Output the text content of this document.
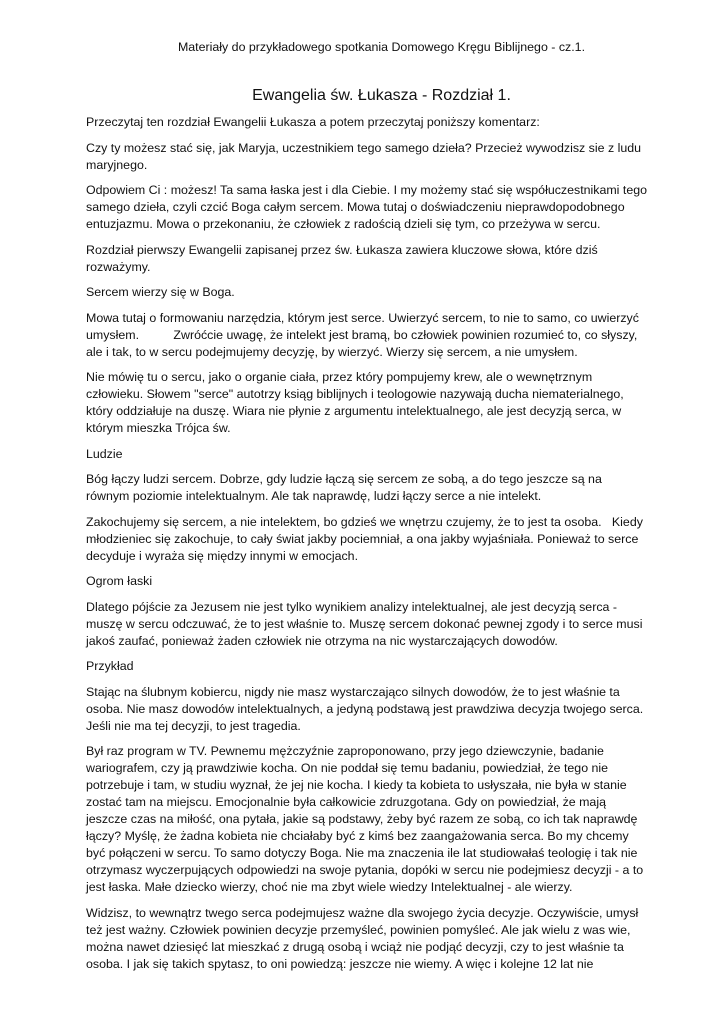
Materiały do przykładowego spotkania Domowego Kręgu Biblijnego - cz.1.
Ewangelia św. Łukasza - Rozdział 1.

Przeczytaj ten rozdział Ewangelii Łukasza a potem przeczytaj poniższy komentarz:

Czy ty możesz stać się, jak Maryja, uczestnikiem tego samego dzieła? Przecież wywodzisz sie z ludu maryjnego.

Odpowiem Ci : możesz! Ta sama łaska jest i dla Ciebie. I my możemy stać się współuczestnikami tego samego dzieła, czyli czcić Boga całym sercem. Mowa tutaj o doświadczeniu nieprawdopodobnego entuzjazmu. Mowa o przekonaniu, że człowiek z radością dzieli się tym, co przeżywa w sercu.

Rozdział pierwszy Ewangelii zapisanej przez św. Łukasza zawiera kluczowe słowa, które dziś rozważymy.

Sercem wierzy się w Boga.

Mowa tutaj o formowaniu narzędzia, którym jest serce. Uwierzyć sercem, to nie to samo, co uwierzyć umysłem.          Zwróćcie uwagę, że intelekt jest bramą, bo człowiek powinien rozumieć to, co słyszy, ale i tak, to w sercu podejmujemy decyzję, by wierzyć. Wierzy się sercem, a nie umysłem.

Nie mówię tu o sercu, jako o organie ciała, przez który pompujemy krew, ale o wewnętrznym człowieku. Słowem "serce" autotrzy ksiąg biblijnych i teologowie nazywają ducha niematerialnego, który oddziałuje na duszę. Wiara nie płynie z argumentu intelektualnego, ale jest decyzją serca, w którym mieszka Trójca św.

Ludzie

Bóg łączy ludzi sercem. Dobrze, gdy ludzie łączą się sercem ze sobą, a do tego jeszcze są na równym poziomie intelektualnym. Ale tak naprawdę, ludzi łączy serce a nie intelekt.

Zakochujemy się sercem, a nie intelektem, bo gdzieś we wnętrzu czujemy, że to jest ta osoba.   Kiedy młodzieniec się zakochuje, to cały świat jakby pociemniał, a ona jakby wyjaśniała. Ponieważ to serce decyduje i wyraża się między innymi w emocjach.

Ogrom łaski

Dlatego pójście za Jezusem nie jest tylko wynikiem analizy intelektualnej, ale jest decyzją serca - muszę w sercu odczuwać, że to jest właśnie to. Muszę sercem dokonać pewnej zgody i to serce musi jakoś zaufać, ponieważ żaden człowiek nie otrzyma na nic wystarczających dowodów.

Przykład

Stając na ślubnym kobiercu, nigdy nie masz wystarczająco silnych dowodów, że to jest właśnie ta osoba. Nie masz dowodów intelektualnych, a jedyną podstawą jest prawdziwa decyzja twojego serca. Jeśli nie ma tej decyzji, to jest tragedia.

Był raz program w TV. Pewnemu mężczyźnie zaproponowano, przy jego dziewczynie, badanie wariografem, czy ją prawdziwie kocha. On nie poddał się temu badaniu, powiedział, że tego nie potrzebuje i tam, w studiu wyznał, że jej nie kocha. I kiedy ta kobieta to usłyszała, nie była w stanie zostać tam na miejscu. Emocjonalnie była całkowicie zdruzgotana. Gdy on powiedział, że mają jeszcze czas na miłość, ona pytała, jakie są podstawy, żeby być razem ze sobą, co ich tak naprawdę łączy? Myślę, że żadna kobieta nie chciałaby być z kimś bez zaangażowania serca. Bo my chcemy być połączeni w sercu. To samo dotyczy Boga. Nie ma znaczenia ile lat studiowałaś teologię i tak nie otrzymasz wyczerpujących odpowiedzi na swoje pytania, dopóki w sercu nie podejmiesz decyzji - a to jest łaska. Małe dziecko wierzy, choć nie ma zbyt wiele wiedzy Intelektualnej - ale wierzy.

Widzisz, to wewnątrz twego serca podejmujesz ważne dla swojego życia decyzje. Oczywiście, umysł też jest ważny. Człowiek powinien decyzje przemyśleć, powinien pomyśleć. Ale jak wielu z was wie, można nawet dziesięć lat mieszkać z drugą osobą i wciąż nie podjąć decyzji, czy to jest właśnie ta osoba. I jak się takich spytasz, to oni powiedzą: jeszcze nie wiemy. A więc i kolejne 12 lat nie
